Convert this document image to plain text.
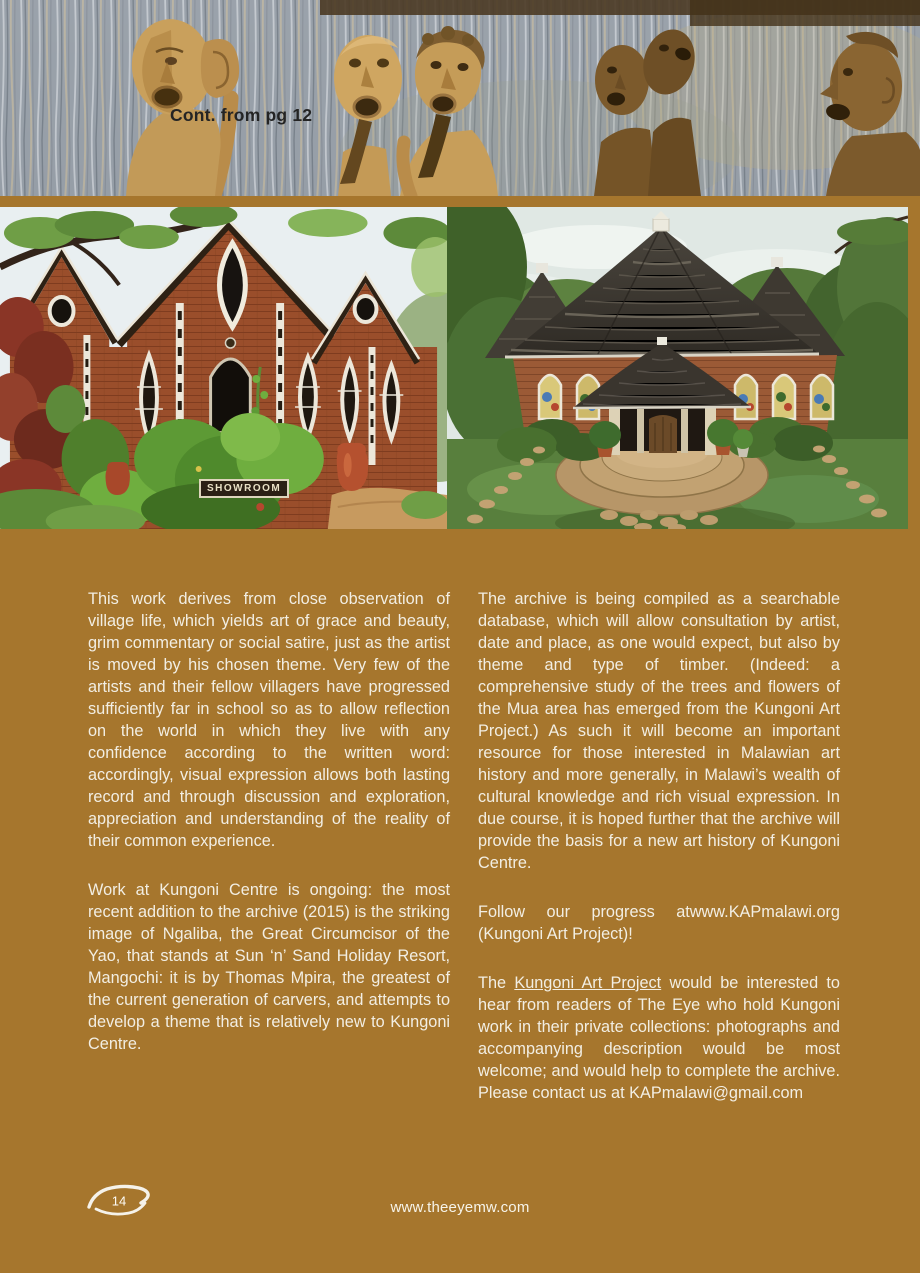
Cont. from pg 12
SHOWROOM

This work derives from close observation of village life, which yields art of grace and beauty, grim commentary or social satire, just as the artist is moved by his chosen theme. Very few of the artists and their fellow villagers have progressed sufficiently far in school so as to allow reflection on the world in which they live with any confidence according to the written word: accordingly, visual expression allows both lasting record and through discussion and exploration, appreciation and understanding of the reality of their common experience.

Work at Kungoni Centre is ongoing: the most recent addition to the archive (2015) is the striking image of Ngaliba, the Great Circumcisor of the Yao, that stands at Sun ‘n’ Sand Holiday Resort, Mangochi: it is by Thomas Mpira, the greatest of the current generation of carvers, and attempts to develop a theme that is relatively new to Kungoni Centre.

The archive is being compiled as a searchable database, which will allow consultation by artist, date and place, as one would expect, but also by theme and type of timber. (Indeed: a comprehensive study of the trees and flowers of the Mua area has emerged from the Kungoni Art Project.) As such it will become an important resource for those interested in Malawian art history and more generally, in Malawi’s wealth of cultural knowledge and rich visual expression. In due course, it is hoped further that the archive will provide the basis for a new art history of Kungoni Centre.

Follow our progress atwww.KAPmalawi.org (Kungoni Art Project)!

The Kungoni Art Project would be interested to hear from readers of The Eye who hold Kungoni work in their private collections: photographs and accompanying description would be most welcome; and would help to complete the archive. Please contact us at KAPmalawi@gmail.com

14	www.theeyemw.com
